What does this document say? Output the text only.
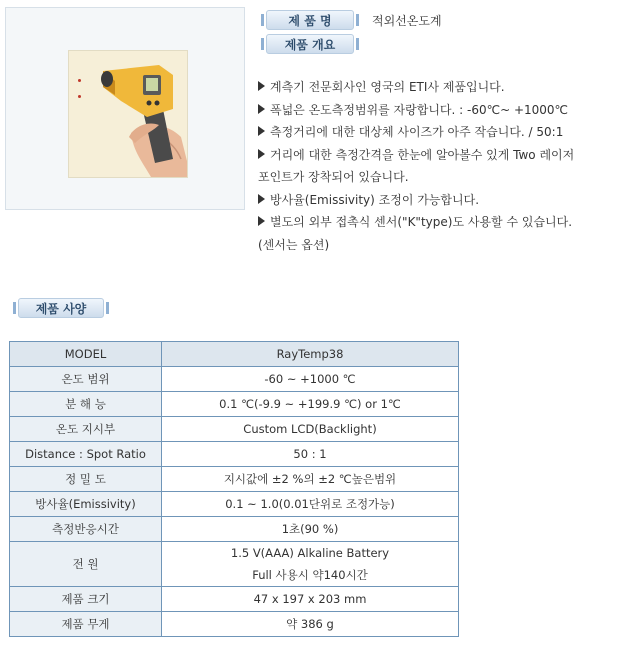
제 품 명
제품 개요
적외선온도계

계측기 전문회사인 영국의 ETI사 제품입니다.

폭넓은 온도측정범위를 자랑합니다. : -60℃~ +1000℃

측정거리에 대한 대상체 사이즈가 아주 작습니다. / 50:1

거리에 대한 측정간격을 한눈에 알아볼수 있게 Two 레이저

포인트가 장착되어 있습니다.

방사율(Emissivity) 조정이 가능합니다.

별도의 외부 접촉식 센서("K"type)도 사용할 수 있습니다.

(센서는 옵션)

제품 사양
MODEL	RayTemp38
온도 범위	-60 ~ +1000 ℃
분 해 능	0.1 ℃(-9.9 ~ +199.9 ℃) or 1℃
온도 지시부	Custom LCD(Backlight)
Distance : Spot Ratio	50 : 1
정 밀 도	지시값에 ±2 %의 ±2 ℃높은범위
방사율(Emissivity)	0.1 ~ 1.0(0.01단위로 조정가능)
측정반응시간	1초(90 %)
전 원	1.5 V(AAA) Alkaline Battery
Full 사용시 약140시간

제품 크기	47 x 197 x 203 mm
제품 무게	약 386 g
